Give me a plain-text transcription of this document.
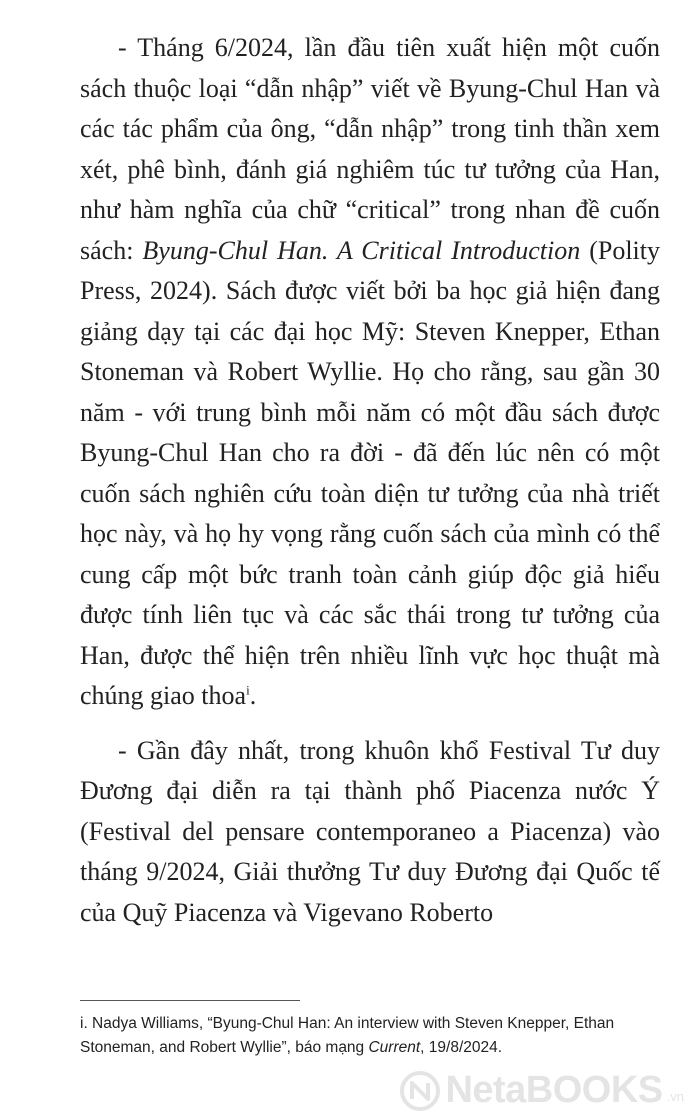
- Tháng 6/2024, lần đầu tiên xuất hiện một cuốn sách thuộc loại “dẫn nhập” viết về Byung-Chul Han và các tác phẩm của ông, “dẫn nhập” trong tinh thần xem xét, phê bình, đánh giá nghiêm túc tư tưởng của Han, như hàm nghĩa của chữ “critical” trong nhan đề cuốn sách: Byung-Chul Han. A Critical Introduction (Polity Press, 2024). Sách được viết bởi ba học giả hiện đang giảng dạy tại các đại học Mỹ: Steven Knepper, Ethan Stoneman và Robert Wyllie. Họ cho rằng, sau gần 30 năm - với trung bình mỗi năm có một đầu sách được Byung-Chul Han cho ra đời - đã đến lúc nên có một cuốn sách nghiên cứu toàn diện tư tưởng của nhà triết học này, và họ hy vọng rằng cuốn sách của mình có thể cung cấp một bức tranh toàn cảnh giúp độc giả hiểu được tính liên tục và các sắc thái trong tư tưởng của Han, được thể hiện trên nhiều lĩnh vực học thuật mà chúng giao thoa$^i$.

- Gần đây nhất, trong khuôn khổ Festival Tư duy Đương đại diễn ra tại thành phố Piacenza nước Ý (Festival del pensare contemporaneo a Piacenza) vào tháng 9/2024, Giải thưởng Tư duy Đương đại Quốc tế của Quỹ Piacenza và Vigevano Roberto

i. Nadya Williams, “Byung-Chul Han: An interview with Steven Knepper, Ethan Stoneman, and Robert Wyllie”, báo mạng Current, 19/8/2024.

NetaBOOKS .vn
